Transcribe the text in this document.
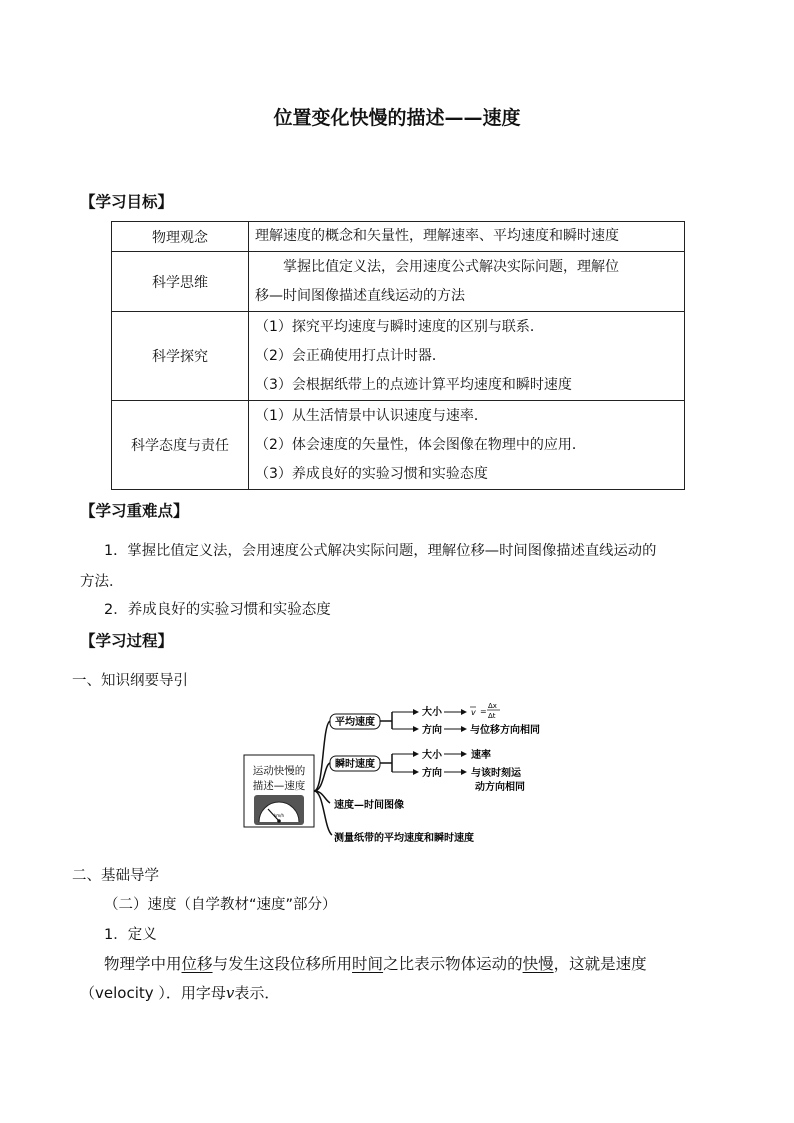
位置变化快慢的描述——速度
【学习目标】
物理观念	理解速度的概念和矢量性，理解速率、平均速度和瞬时速度

科学思维	　　掌握比值定义法，会用速度公式解决实际问题，理解位
移—时间图像描述直线运动的方法

科学探究	（1）探究平均速度与瞬时速度的区别与联系．
（2）会正确使用打点计时器．
（3）会根据纸带上的点迹计算平均速度和瞬时速度

科学态度与责任	（1）从生活情景中认识速度与速率．
（2）体会速度的矢量性，体会图像在物理中的应用．
（3）养成良好的实验习惯和实验态度
【学习重难点】
1．掌握比值定义法，会用速度公式解决实际问题，理解位移—时间图像描述直线运动的
方法．
2．养成良好的实验习惯和实验态度
【学习过程】
一、知识纲要导引
运动快慢的
描述—速度
km/h
平均速度
瞬时速度
大小
方向
v =
Δx
Δt
与位移方向相同
大小
方向
速率
与该时刻运
动方向相同
速度—时间图像
测量纸带的平均速度和瞬时速度
二、基础导学
（二）速度（自学教材“速度”部分）
1．定义
物理学中用位移与发生这段位移所用时间之比表示物体运动的快慢，这就是速度
（velocity ）．用字母v表示．
